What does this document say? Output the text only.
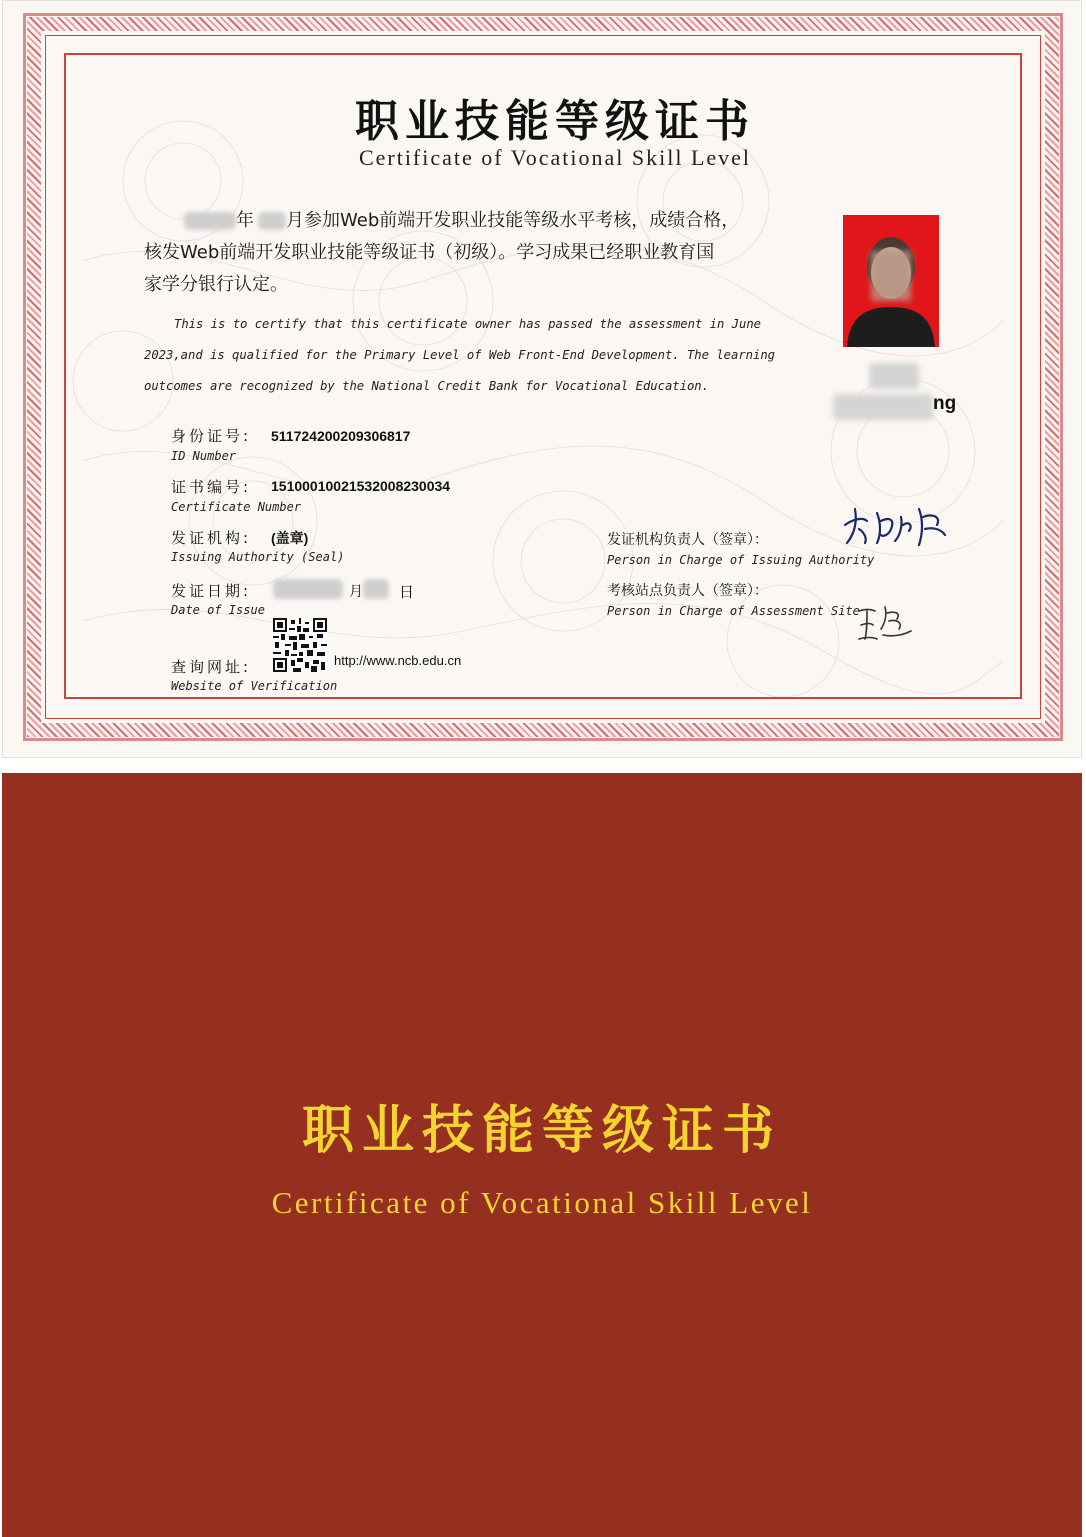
职业技能等级证书
Certificate of Vocational Skill Level
年 月参加Web前端开发职业技能等级水平考核，成绩合格，
核发Web前端开发职业技能等级证书（初级）。学习成果已经职业教育国
家学分银行认定。
This is to certify that this certificate owner has passed the assessment in June
2023,and is qualified for the Primary Level of Web Front-End Development. The learning
outcomes are recognized by the National Credit Bank for Vocational Education.
ng
身份证号: 511724200209306817
ID Number
证书编号: 15100010021532008230034
Certificate Number
发证机构: (盖章)
Issuing Authority (Seal)
发证日期:	月 日
Date of Issue
查询网址:	http://www.ncb.edu.cn
Website of Verification
发证机构负责人（签章）：
Person in Charge of Issuing Authority
考核站点负责人（签章）：
Person in Charge of Assessment Site
职业技能等级证书
Certificate of Vocational Skill Level
